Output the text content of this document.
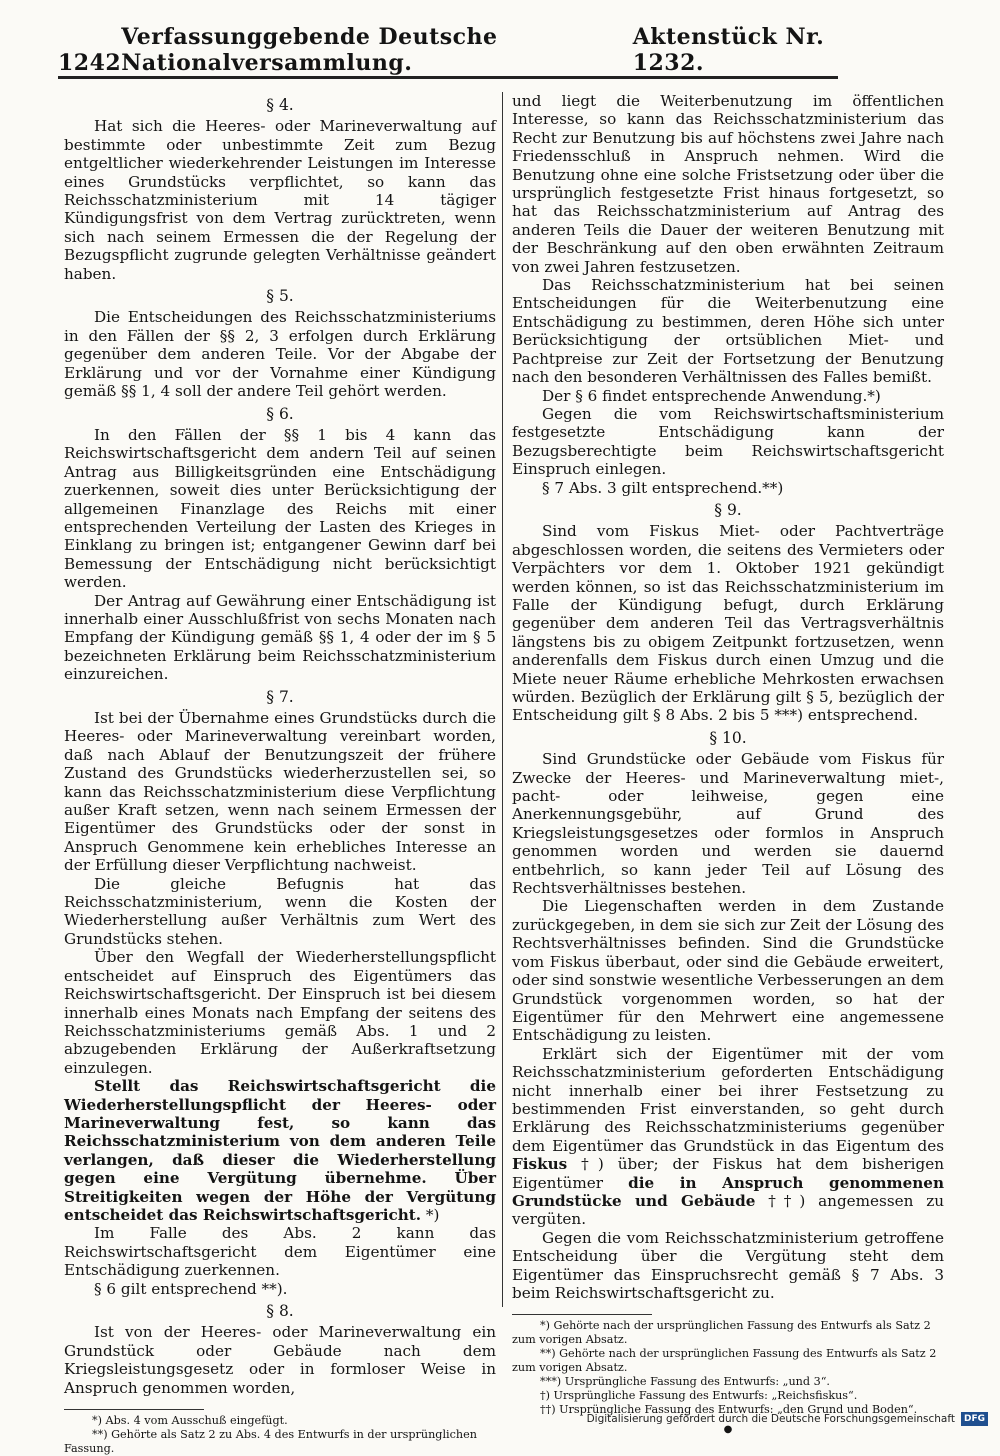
1242
Verfassunggebende Deutsche Nationalversammlung.
Aktenstück Nr. 1232.
§ 4.

Hat sich die Heeres- oder Marineverwaltung auf bestimmte oder unbestimmte Zeit zum Bezug entgeltlicher wiederkehrender Leistungen im Interesse eines Grundstücks verpflichtet, so kann das Reichsschatzministerium mit 14 tägiger Kündigungsfrist von dem Vertrag zurücktreten, wenn sich nach seinem Ermessen die der Regelung der Bezugspflicht zugrunde gelegten Verhältnisse geändert haben.

§ 5.

Die Entscheidungen des Reichsschatzministeriums in den Fällen der §§ 2, 3 erfolgen durch Erklärung gegenüber dem anderen Teile. Vor der Abgabe der Erklärung und vor der Vornahme einer Kündigung gemäß §§ 1, 4 soll der andere Teil gehört werden.

§ 6.

In den Fällen der §§ 1 bis 4 kann das Reichswirtschaftsgericht dem andern Teil auf seinen Antrag aus Billigkeitsgründen eine Entschädigung zuerkennen, soweit dies unter Berücksichtigung der allgemeinen Finanzlage des Reichs mit einer entsprechenden Verteilung der Lasten des Krieges in Einklang zu bringen ist; entgangener Gewinn darf bei Bemessung der Entschädigung nicht berücksichtigt werden.

Der Antrag auf Gewährung einer Entschädigung ist innerhalb einer Ausschlußfrist von sechs Monaten nach Empfang der Kündigung gemäß §§ 1, 4 oder der im § 5 bezeichneten Erklärung beim Reichsschatzministerium einzureichen.

§ 7.

Ist bei der Übernahme eines Grundstücks durch die Heeres- oder Marineverwaltung vereinbart worden, daß nach Ablauf der Benutzungszeit der frühere Zustand des Grundstücks wiederherzustellen sei, so kann das Reichsschatzministerium diese Verpflichtung außer Kraft setzen, wenn nach seinem Ermessen der Eigentümer des Grundstücks oder der sonst in Anspruch Genommene kein erhebliches Interesse an der Erfüllung dieser Verpflichtung nachweist.

Die gleiche Befugnis hat das Reichsschatzministerium, wenn die Kosten der Wiederherstellung außer Verhältnis zum Wert des Grundstücks stehen.

Über den Wegfall der Wiederherstellungspflicht entscheidet auf Einspruch des Eigentümers das Reichswirtschaftsgericht. Der Einspruch ist bei diesem innerhalb eines Monats nach Empfang der seitens des Reichsschatzministeriums gemäß Abs. 1 und 2 abzugebenden Erklärung der Außerkraftsetzung einzulegen.

Stellt das Reichswirtschaftsgericht die Wiederherstellungspflicht der Heeres- oder Marineverwaltung fest, so kann das Reichsschatzministerium von dem anderen Teile verlangen, daß dieser die Wiederherstellung gegen eine Vergütung übernehme. Über Streitigkeiten wegen der Höhe der Vergütung entscheidet das Reichswirtschaftsgericht. *)

Im Falle des Abs. 2 kann das Reichswirtschaftsgericht dem Eigentümer eine Entschädigung zuerkennen.

§ 6 gilt entsprechend **).

§ 8.

Ist von der Heeres- oder Marineverwaltung ein Grundstück oder Gebäude nach dem Kriegsleistungsgesetz oder in formloser Weise in Anspruch genommen worden,

*) Abs. 4 vom Ausschuß eingefügt.

**) Gehörte als Satz 2 zu Abs. 4 des Entwurfs in der ursprünglichen Fassung.

und liegt die Weiterbenutzung im öffentlichen Interesse, so kann das Reichsschatzministerium das Recht zur Benutzung bis auf höchstens zwei Jahre nach Friedensschluß in Anspruch nehmen. Wird die Benutzung ohne eine solche Fristsetzung oder über die ursprünglich festgesetzte Frist hinaus fortgesetzt, so hat das Reichsschatzministerium auf Antrag des anderen Teils die Dauer der weiteren Benutzung mit der Beschränkung auf den oben erwähnten Zeitraum von zwei Jahren festzusetzen.

Das Reichsschatzministerium hat bei seinen Entscheidungen für die Weiterbenutzung eine Entschädigung zu bestimmen, deren Höhe sich unter Berücksichtigung der ortsüblichen Miet- und Pachtpreise zur Zeit der Fortsetzung der Benutzung nach den besonderen Verhältnissen des Falles bemißt.

Der § 6 findet entsprechende Anwendung.*)

Gegen die vom Reichswirtschaftsministerium festgesetzte Entschädigung kann der Bezugsberechtigte beim Reichswirtschaftsgericht Einspruch einlegen.

§ 7 Abs. 3 gilt entsprechend.**)

§ 9.

Sind vom Fiskus Miet- oder Pachtverträge abgeschlossen worden, die seitens des Vermieters oder Verpächters vor dem 1. Oktober 1921 gekündigt werden können, so ist das Reichsschatzministerium im Falle der Kündigung befugt, durch Erklärung gegenüber dem anderen Teil das Vertragsverhältnis längstens bis zu obigem Zeitpunkt fortzusetzen, wenn anderenfalls dem Fiskus durch einen Umzug und die Miete neuer Räume erhebliche Mehrkosten erwachsen würden. Bezüglich der Erklärung gilt § 5, bezüglich der Entscheidung gilt § 8 Abs. 2 bis 5 ***) entsprechend.

§ 10.

Sind Grundstücke oder Gebäude vom Fiskus für Zwecke der Heeres- und Marineverwaltung miet-, pacht- oder leihweise, gegen eine Anerkennungsgebühr, auf Grund des Kriegsleistungsgesetzes oder formlos in Anspruch genommen worden und werden sie dauernd entbehrlich, so kann jeder Teil auf Lösung des Rechtsverhältnisses bestehen.

Die Liegenschaften werden in dem Zustande zurückgegeben, in dem sie sich zur Zeit der Lösung des Rechtsverhältnisses befinden. Sind die Grundstücke vom Fiskus überbaut, oder sind die Gebäude erweitert, oder sind sonstwie wesentliche Verbesserungen an dem Grundstück vorgenommen worden, so hat der Eigentümer für den Mehrwert eine angemessene Entschädigung zu leisten.

Erklärt sich der Eigentümer mit der vom Reichsschatzministerium geforderten Entschädigung nicht innerhalb einer bei ihrer Festsetzung zu bestimmenden Frist einverstanden, so geht durch Erklärung des Reichsschatzministeriums gegenüber dem Eigentümer das Grundstück in das Eigentum des Fiskus †) über; der Fiskus hat dem bisherigen Eigentümer die in Anspruch genommenen Grundstücke und Gebäude ††) angemessen zu vergüten.

Gegen die vom Reichsschatzministerium getroffene Entscheidung über die Vergütung steht dem Eigentümer das Einspruchsrecht gemäß § 7 Abs. 3 beim Reichswirtschaftsgericht zu.

*) Gehörte nach der ursprünglichen Fassung des Entwurfs als Satz 2 zum vorigen Absatz.

**) Gehörte nach der ursprünglichen Fassung des Entwurfs als Satz 2 zum vorigen Absatz.

***) Ursprüngliche Fassung des Entwurfs: „und 3“.

†) Ursprüngliche Fassung des Entwurfs: „Reichsfiskus“.

††) Ursprüngliche Fassung des Entwurfs: „den Grund und Boden“.

●
Digitalisierung gefördert durch die Deutsche Forschungsgemeinschaft	DFG
